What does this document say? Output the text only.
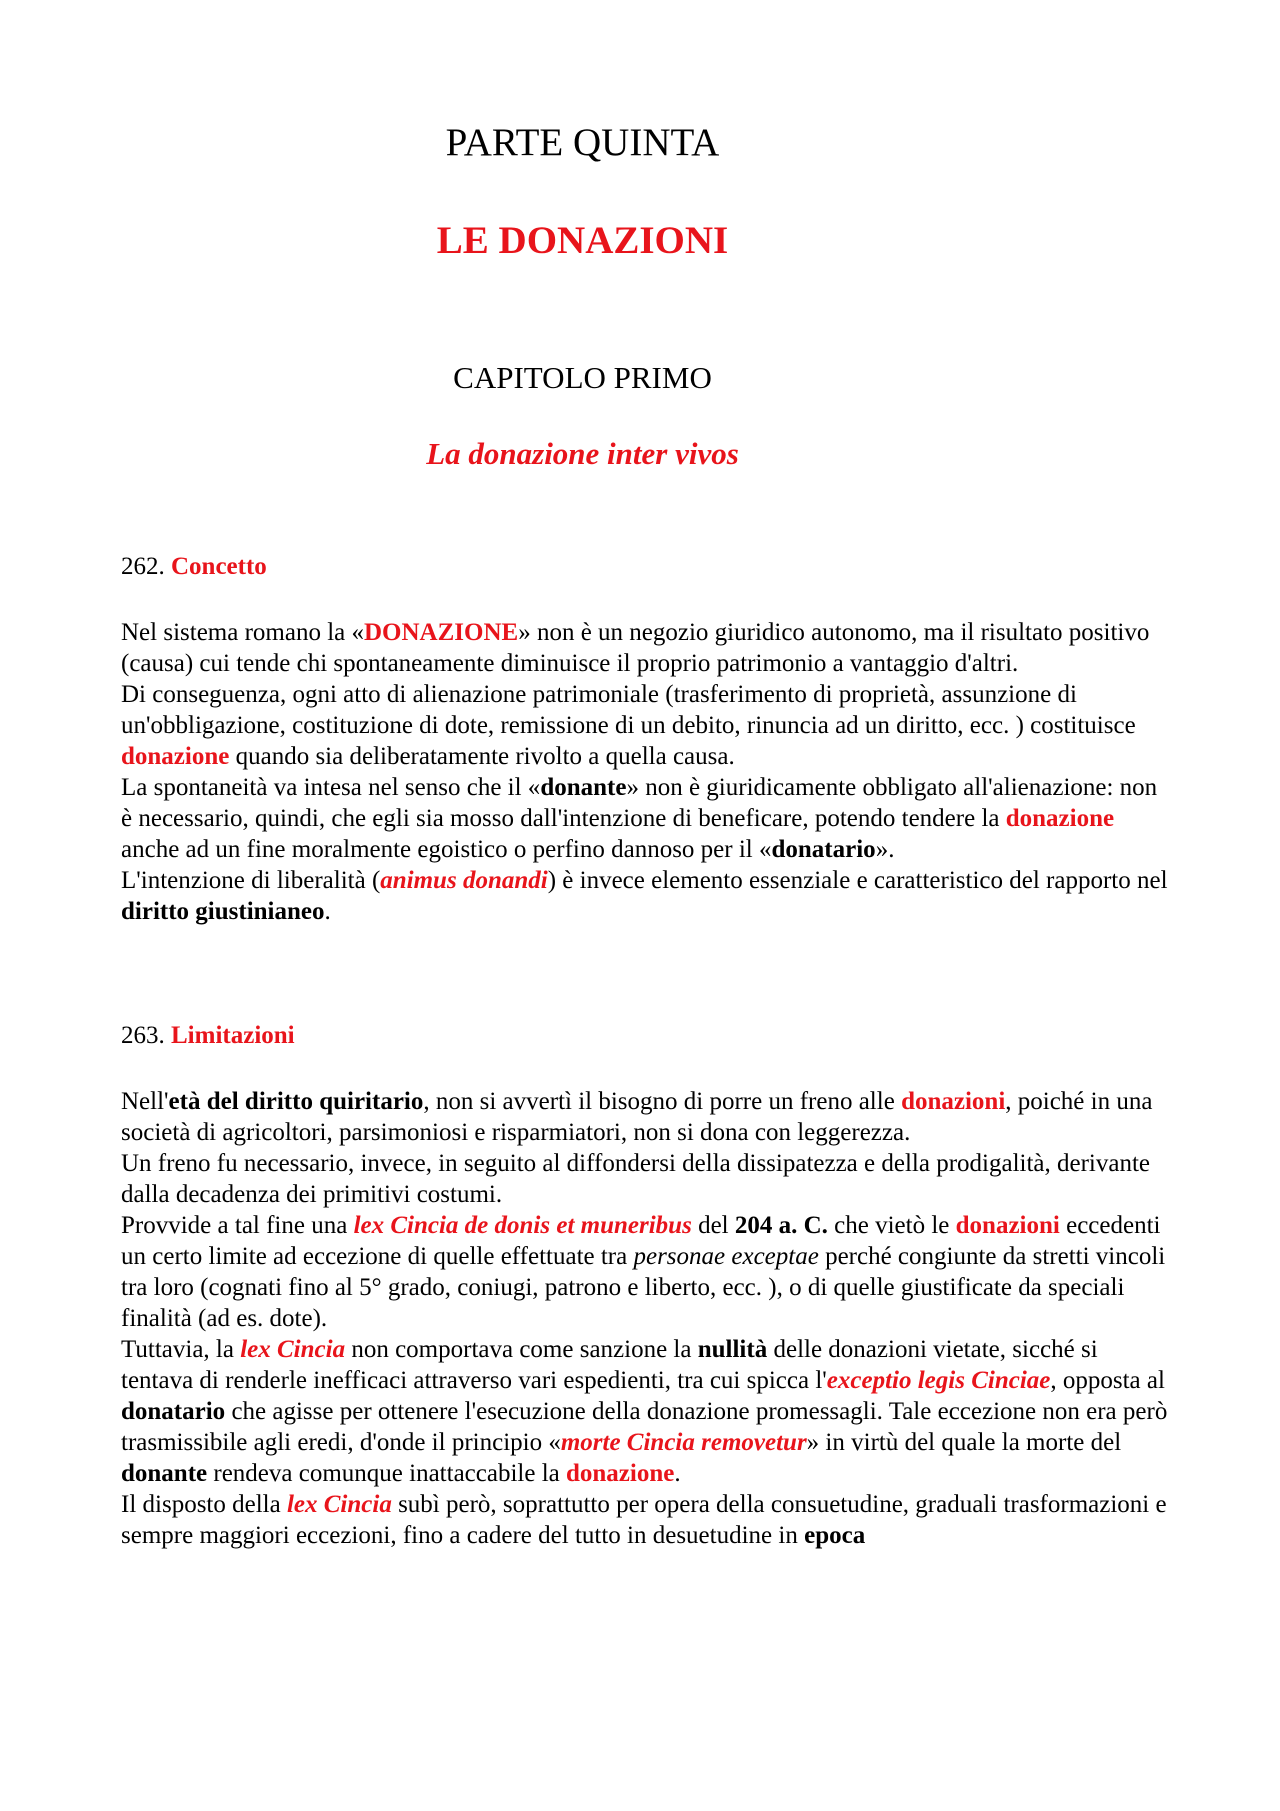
PARTE QUINTA
LE DONAZIONI
CAPITOLO PRIMO
La donazione inter vivos
262. Concetto

Nel sistema romano la «DONAZIONE» non è un negozio giuridico autonomo, ma il risultato positivo (causa) cui tende chi spontaneamente diminuisce il proprio patrimonio a vantaggio d'altri.

Di conseguenza, ogni atto di alienazione patrimoniale (trasferimento di proprietà, assunzione di un'obbligazione, costituzione di dote, remissione di un debito, rinuncia ad un diritto, ecc. ) costituisce donazione quando sia deliberatamente rivolto a quella causa.

La spontaneità va intesa nel senso che il «donante» non è giuridicamente obbligato all'alienazione: non è necessario, quindi, che egli sia mosso dall'intenzione di beneficare, potendo tendere la donazione anche ad un fine moralmente egoistico o perfino dannoso per il «donatario».

L'intenzione di liberalità (animus donandi) è invece elemento essenziale e caratteristico del rapporto nel diritto giustinianeo.

263. Limitazioni

Nell'età del diritto quiritario, non si avvertì il bisogno di porre un freno alle donazioni, poiché in una società di agricoltori, parsimoniosi e risparmiatori, non si dona con leggerezza.

Un freno fu necessario, invece, in seguito al diffondersi della dissipatezza e della prodigalità, derivante dalla decadenza dei primitivi costumi.

Provvide a tal fine una lex Cincia de donis et muneribus del 204 a. C. che vietò le donazioni eccedenti un certo limite ad eccezione di quelle effettuate tra personae exceptae perché congiunte da stretti vincoli tra loro (cognati fino al 5° grado, coniugi, patrono e liberto, ecc. ), o di quelle giustificate da speciali finalità (ad es. dote).

Tuttavia, la lex Cincia non comportava come sanzione la nullità delle donazioni vietate, sicché si tentava di renderle inefficaci attraverso vari espedienti, tra cui spicca l'exceptio legis Cinciae, opposta al donatario che agisse per ottenere l'esecuzione della donazione promessagli. Tale eccezione non era però trasmissibile agli eredi, d'onde il principio «morte Cincia removetur» in virtù del quale la morte del donante rendeva comunque inattaccabile la donazione.

Il disposto della lex Cincia subì però, soprattutto per opera della consuetudine, graduali trasformazioni e sempre maggiori eccezioni, fino a cadere del tutto in desuetudine in epoca
